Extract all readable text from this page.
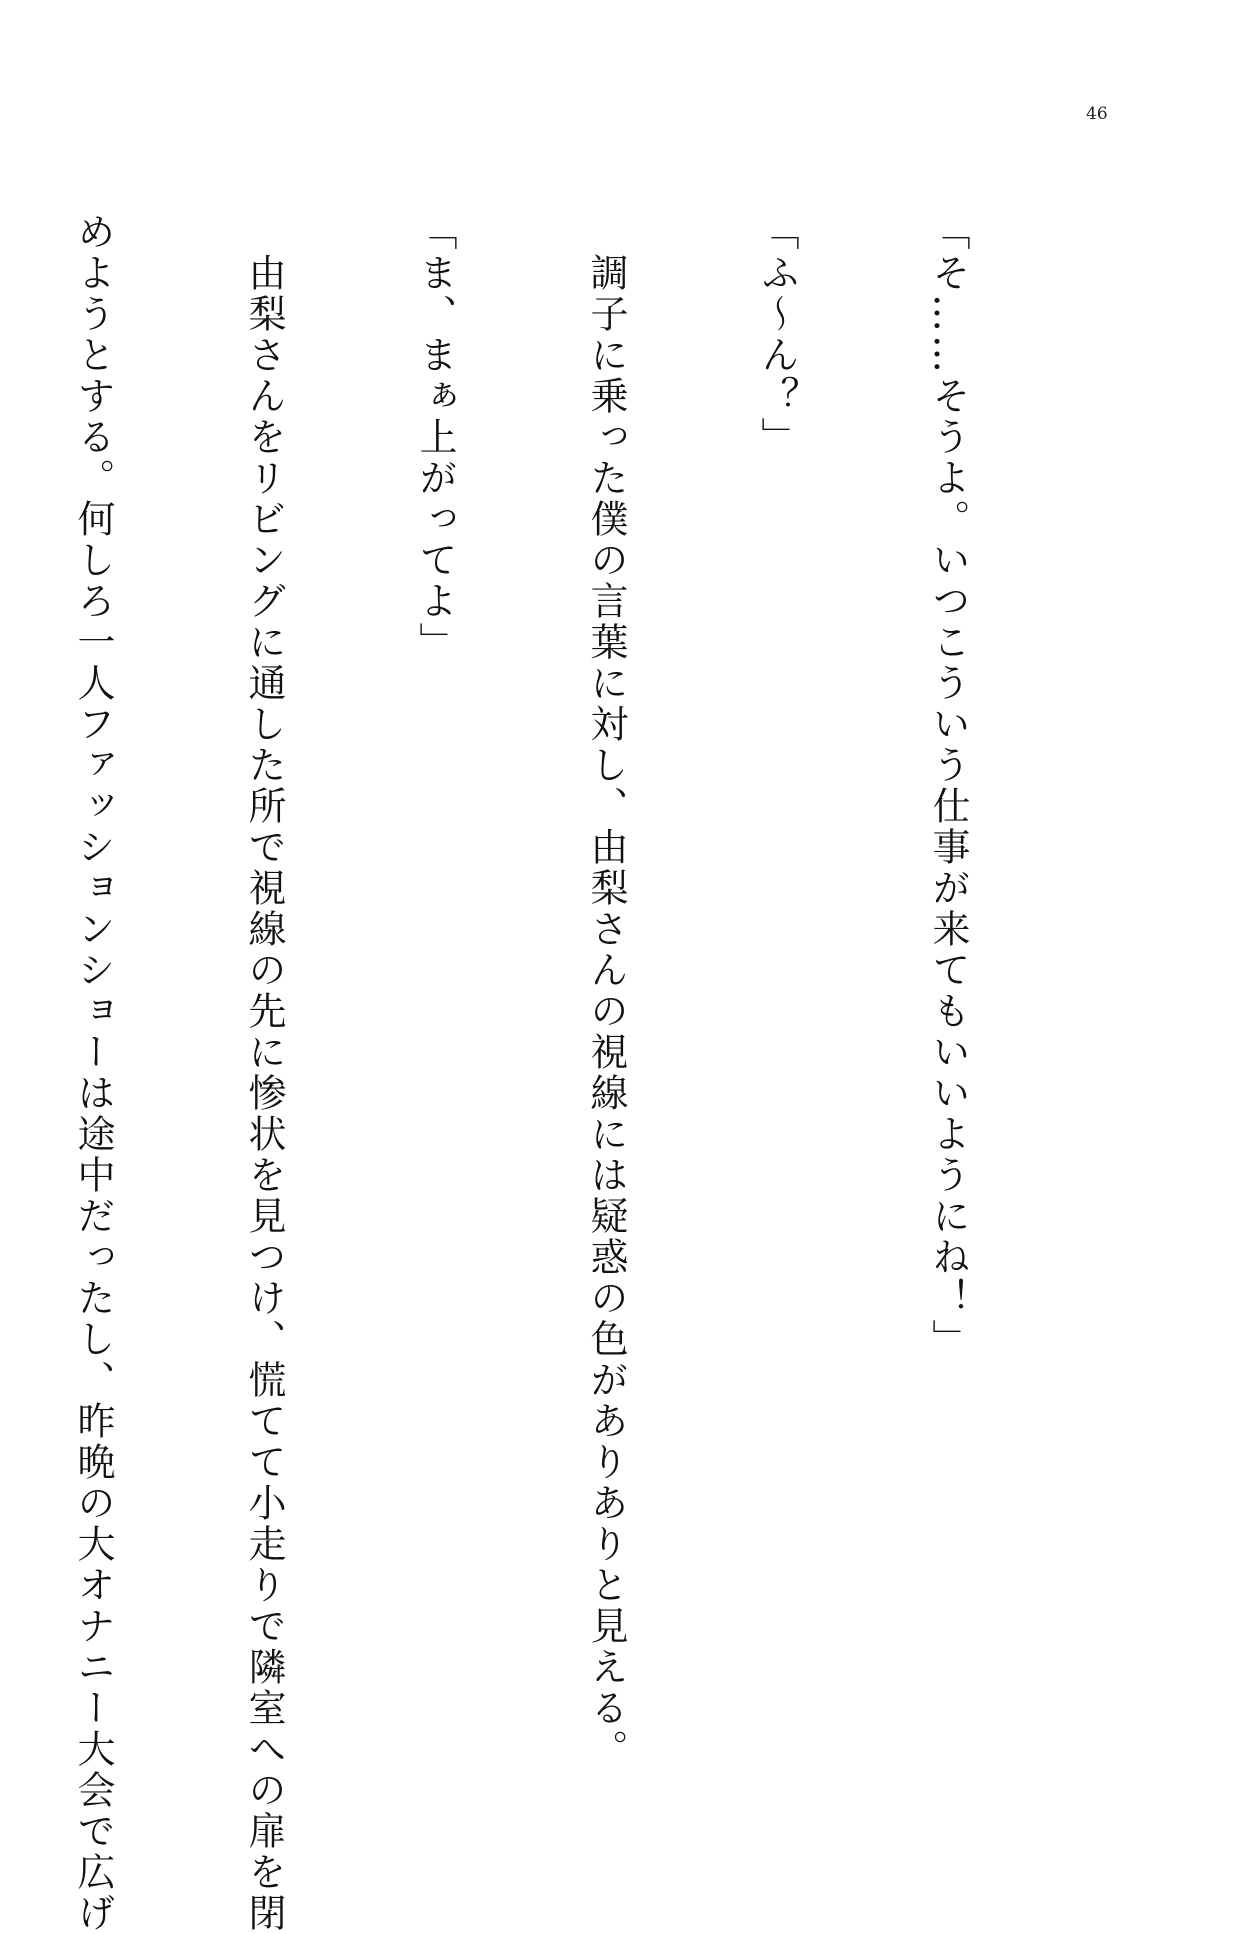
46

「そ……そうよ。いつこういう仕事が来てもいいようにね！」

「ふ〜ん？」

　調子に乗った僕の言葉に対し、由梨さんの視線には疑惑の色がありありと見える。

「ま、まぁ上がってよ」

　由梨さんをリビングに通した所で視線の先に惨状を見つけ、慌てて小走りで隣室への扉を閉

めようとする。何しろ一人ファッションショーは途中だったし、昨晩の大オナニー大会で広げ
